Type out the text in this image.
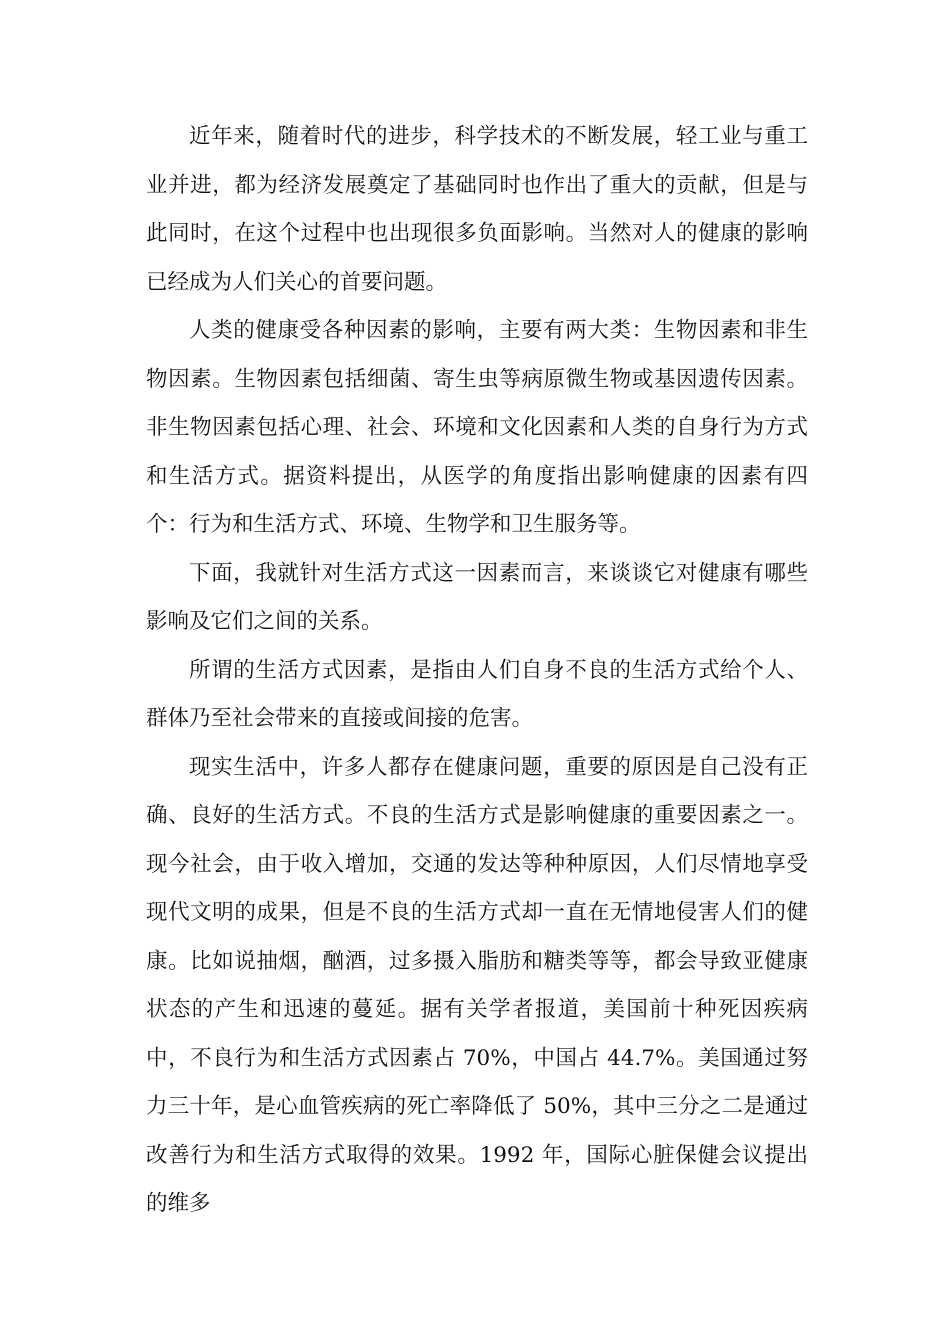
近年来，随着时代的进步，科学技术的不断发展，轻工业与重工业并进，都为经济发展奠定了基础同时也作出了重大的贡献，但是与此同时，在这个过程中也出现很多负面影响。当然对人的健康的影响已经成为人们关心的首要问题。

人类的健康受各种因素的影响，主要有两大类：生物因素和非生物因素。生物因素包括细菌、寄生虫等病原微生物或基因遗传因素。非生物因素包括心理、社会、环境和文化因素和人类的自身行为方式和生活方式。据资料提出，从医学的角度指出影响健康的因素有四个：行为和生活方式、环境、生物学和卫生服务等。

下面，我就针对生活方式这一因素而言，来谈谈它对健康有哪些影响及它们之间的关系。

所谓的生活方式因素，是指由人们自身不良的生活方式给个人、群体乃至社会带来的直接或间接的危害。

现实生活中，许多人都存在健康问题，重要的原因是自己没有正确、良好的生活方式。不良的生活方式是影响健康的重要因素之一。现今社会，由于收入增加，交通的发达等种种原因，人们尽情地享受现代文明的成果，但是不良的生活方式却一直在无情地侵害人们的健康。比如说抽烟，酗酒，过多摄入脂肪和糖类等等，都会导致亚健康状态的产生和迅速的蔓延。据有关学者报道，美国前十种死因疾病中，不良行为和生活方式因素占 70%，中国占 44.7%。美国通过努力三十年，是心血管疾病的死亡率降低了 50%，其中三分之二是通过改善行为和生活方式取得的效果。1992 年，国际心脏保健会议提出的维多
